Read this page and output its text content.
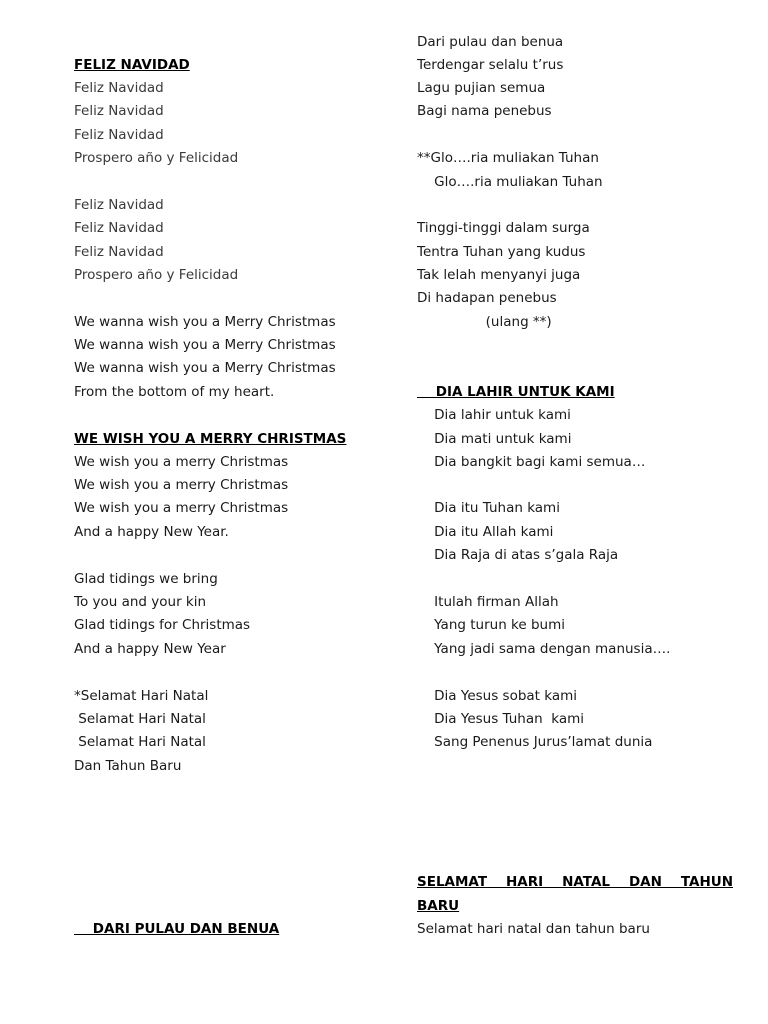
FELIZ NAVIDAD
Feliz Navidad
Feliz Navidad
Feliz Navidad
Prospero año y Felicidad
Feliz Navidad
Feliz Navidad
Feliz Navidad
Prospero año y Felicidad
We wanna wish you a Merry Christmas
We wanna wish you a Merry Christmas
We wanna wish you a Merry Christmas
From the bottom of my heart.
WE WISH YOU A MERRY CHRISTMAS
We wish you a merry Christmas
We wish you a merry Christmas
We wish you a merry Christmas
And a happy New Year.
Glad tidings we bring
To you and your kin
Glad tidings for Christmas
And a happy New Year
*Selamat Hari Natal
Selamat Hari Natal
Selamat Hari Natal
Dan Tahun Baru
DARI PULAU DAN BENUA
Dari pulau dan benua
Terdengar selalu t’rus
Lagu pujian semua
Bagi nama penebus
**Glo….ria muliakan Tuhan
Glo….ria muliakan Tuhan
Tinggi-tinggi dalam surga
Tentra Tuhan yang kudus
Tak lelah menyanyi juga
Di hadapan penebus
(ulang **)
DIA LAHIR UNTUK KAMI
Dia lahir untuk kami
Dia mati untuk kami
Dia bangkit bagi kami semua…
Dia itu Tuhan kami
Dia itu Allah kami
Dia Raja di atas s’gala Raja
Itulah firman Allah
Yang turun ke bumi
Yang jadi sama dengan manusia….
Dia Yesus sobat kami
Dia Yesus Tuhan  kami
Sang Penenus Jurus’lamat dunia
SELAMAT HARI NATAL DAN TAHUN
BARU
Selamat hari natal dan tahun baru
